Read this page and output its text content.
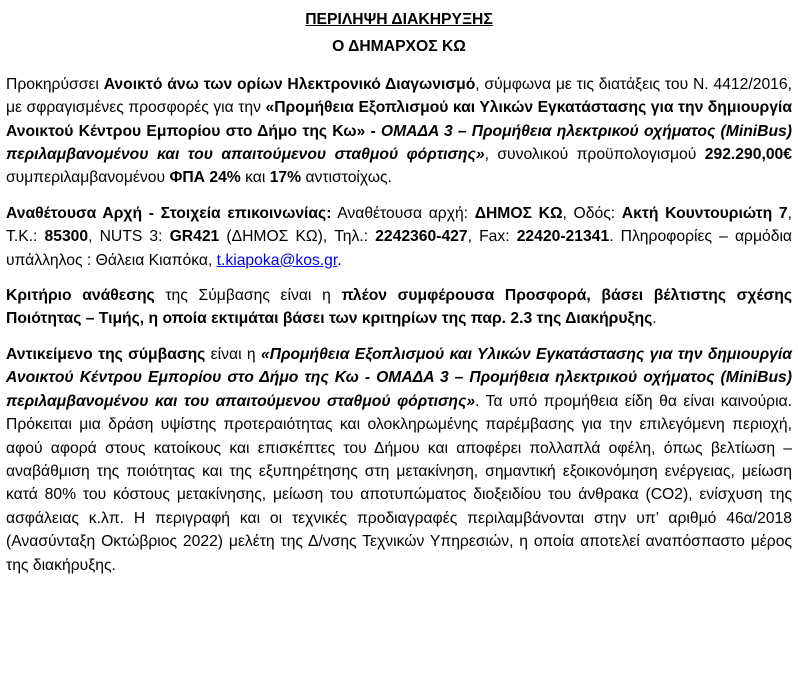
ΠΕΡΙΛΗΨΗ ΔΙΑΚΗΡΥΞΗΣ

Ο ΔΗΜΑΡΧΟΣ ΚΩ

Προκηρύσσει Ανοικτό άνω των ορίων Ηλεκτρονικό Διαγωνισμό, σύμφωνα με τις διατάξεις του Ν. 4412/2016, με σφραγισμένες προσφορές για την «Προμήθεια Εξοπλισμού και Υλικών Εγκατάστασης για την δημιουργία Ανοικτού Κέντρου Εμπορίου στο Δήμο της Κω» - ΟΜΑΔΑ 3 – Προμήθεια ηλεκτρικού οχήματος (MiniBus) περιλαμβανομένου και του απαιτούμενου σταθμού φόρτισης», συνολικού προϋπολογισμού 292.290,00€ συμπεριλαμβανομένου ΦΠΑ 24% και 17% αντιστοίχως.

Αναθέτουσα Αρχή - Στοιχεία επικοινωνίας: Αναθέτουσα αρχή: ΔΗΜΟΣ ΚΩ, Οδός: Ακτή Κουντουριώτη 7, Τ.Κ.: 85300, NUTS 3: GR421 (ΔΗΜΟΣ ΚΩ), Τηλ.: 2242360-427, Fax: 22420-21341. Πληροφορίες – αρμόδια υπάλληλος : Θάλεια Κιαπόκα, t.kiapoka@kos.gr.

Κριτήριο ανάθεσης της Σύμβασης είναι η πλέον συμφέρουσα Προσφορά, βάσει βέλτιστης σχέσης Ποιότητας – Τιμής, η οποία εκτιμάται βάσει των κριτηρίων της παρ. 2.3 της Διακήρυξης.

Αντικείμενο της σύμβασης είναι η «Προμήθεια Εξοπλισμού και Υλικών Εγκατάστασης για την δημιουργία Ανοικτού Κέντρου Εμπορίου στο Δήμο της Κω - ΟΜΑΔΑ 3 – Προμήθεια ηλεκτρικού οχήματος (MiniBus) περιλαμβανομένου και του απαιτούμενου σταθμού φόρτισης». Τα υπό προμήθεια είδη θα είναι καινούρια. Πρόκειται μια δράση υψίστης προτεραιότητας και ολοκληρωμένης παρέμβασης για την επιλεγόμενη περιοχή, αφού αφορά στους κατοίκους και επισκέπτες του Δήμου και αποφέρει πολλαπλά οφέλη, όπως βελτίωση – αναβάθμιση της ποιότητας και της εξυπηρέτησης στη μετακίνηση, σημαντική εξοικονόμηση ενέργειας, μείωση κατά 80% του κόστους μετακίνησης, μείωση του αποτυπώματος διοξειδίου του άνθρακα (CO2), ενίσχυση της ασφάλειας κ.λπ. Η περιγραφή και οι τεχνικές προδιαγραφές περιλαμβάνονται στην υπ’ αριθμό 46α/2018 (Ανασύνταξη Οκτώβριος 2022) μελέτη της Δ/νσης Τεχνικών Υπηρεσιών, η οποία αποτελεί αναπόσπαστο μέρος της διακήρυξης.
